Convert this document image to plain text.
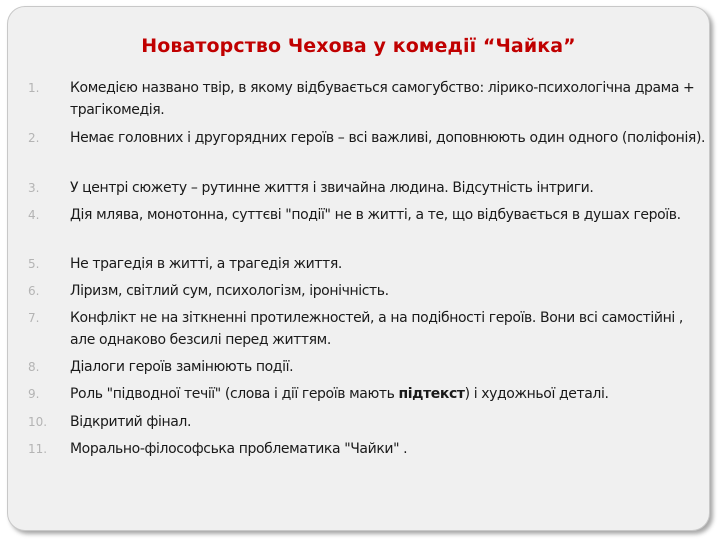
Новаторство Чехова у комедії “Чайка”
1.	Комедією названо твір, в якому відбувається самогубство: лірико-психологічна драма + трагікомедія.
2.	Немає головних і другорядних героїв – всі важливі, доповнюють один одного (поліфонія).
3.	У центрі сюжету – рутинне життя і звичайна людина. Відсутність інтриги.
4.	Дія млява, монотонна, суттєві "події" не в житті, а те, що відбувається в душах героїв.
5.	Не трагедія в житті, а трагедія життя.
6.	Ліризм, світлий сум, психологізм, іронічність.
7.	Конфлікт не на зіткненні протилежностей, а на подібності героїв. Вони всі самостійні , але однаково безсилі перед життям.
8.	Діалоги героїв замінюють події.
9.	Роль "підводної течії" (слова і дії героїв мають підтекст) і художньої деталі.
10.	Відкритий фінал.
11.	Морально-філософська проблематика "Чайки" .
